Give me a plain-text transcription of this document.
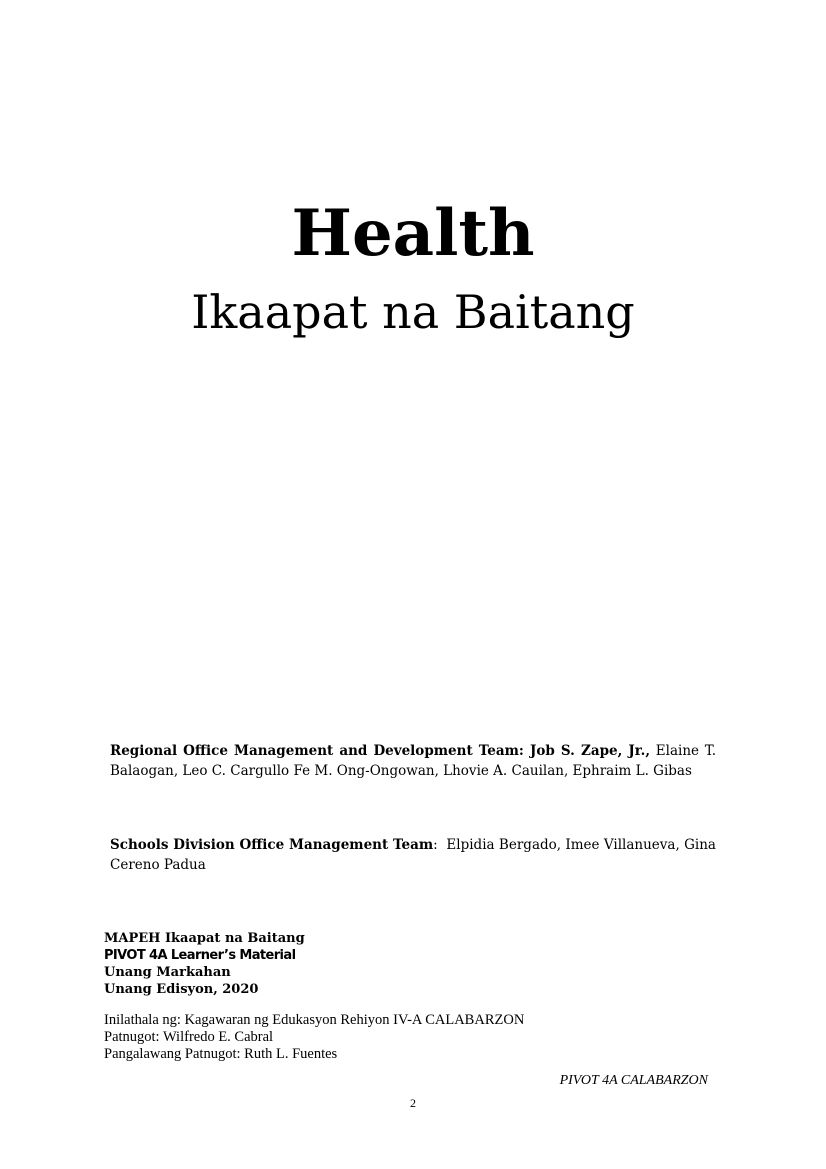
Health
Ikaapat na Baitang
Regional Office Management and Development Team: Job S. Zape, Jr., Elaine T. Balaogan, Leo C. Cargullo Fe M. Ong-Ongowan, Lhovie A. Cauilan, Ephraim L. Gibas
Schools Division Office Management Team: Elpidia Bergado, Imee Villanueva, Gina Cereno Padua
MAPEH Ikaapat na Baitang
PIVOT 4A Learner’s Material
Unang Markahan
Unang Edisyon, 2020
Inilathala ng: Kagawaran ng Edukasyon Rehiyon IV-A CALABARZON
Patnugot: Wilfredo E. Cabral
Pangalawang Patnugot: Ruth L. Fuentes
PIVOT 4A CALABARZON
2
